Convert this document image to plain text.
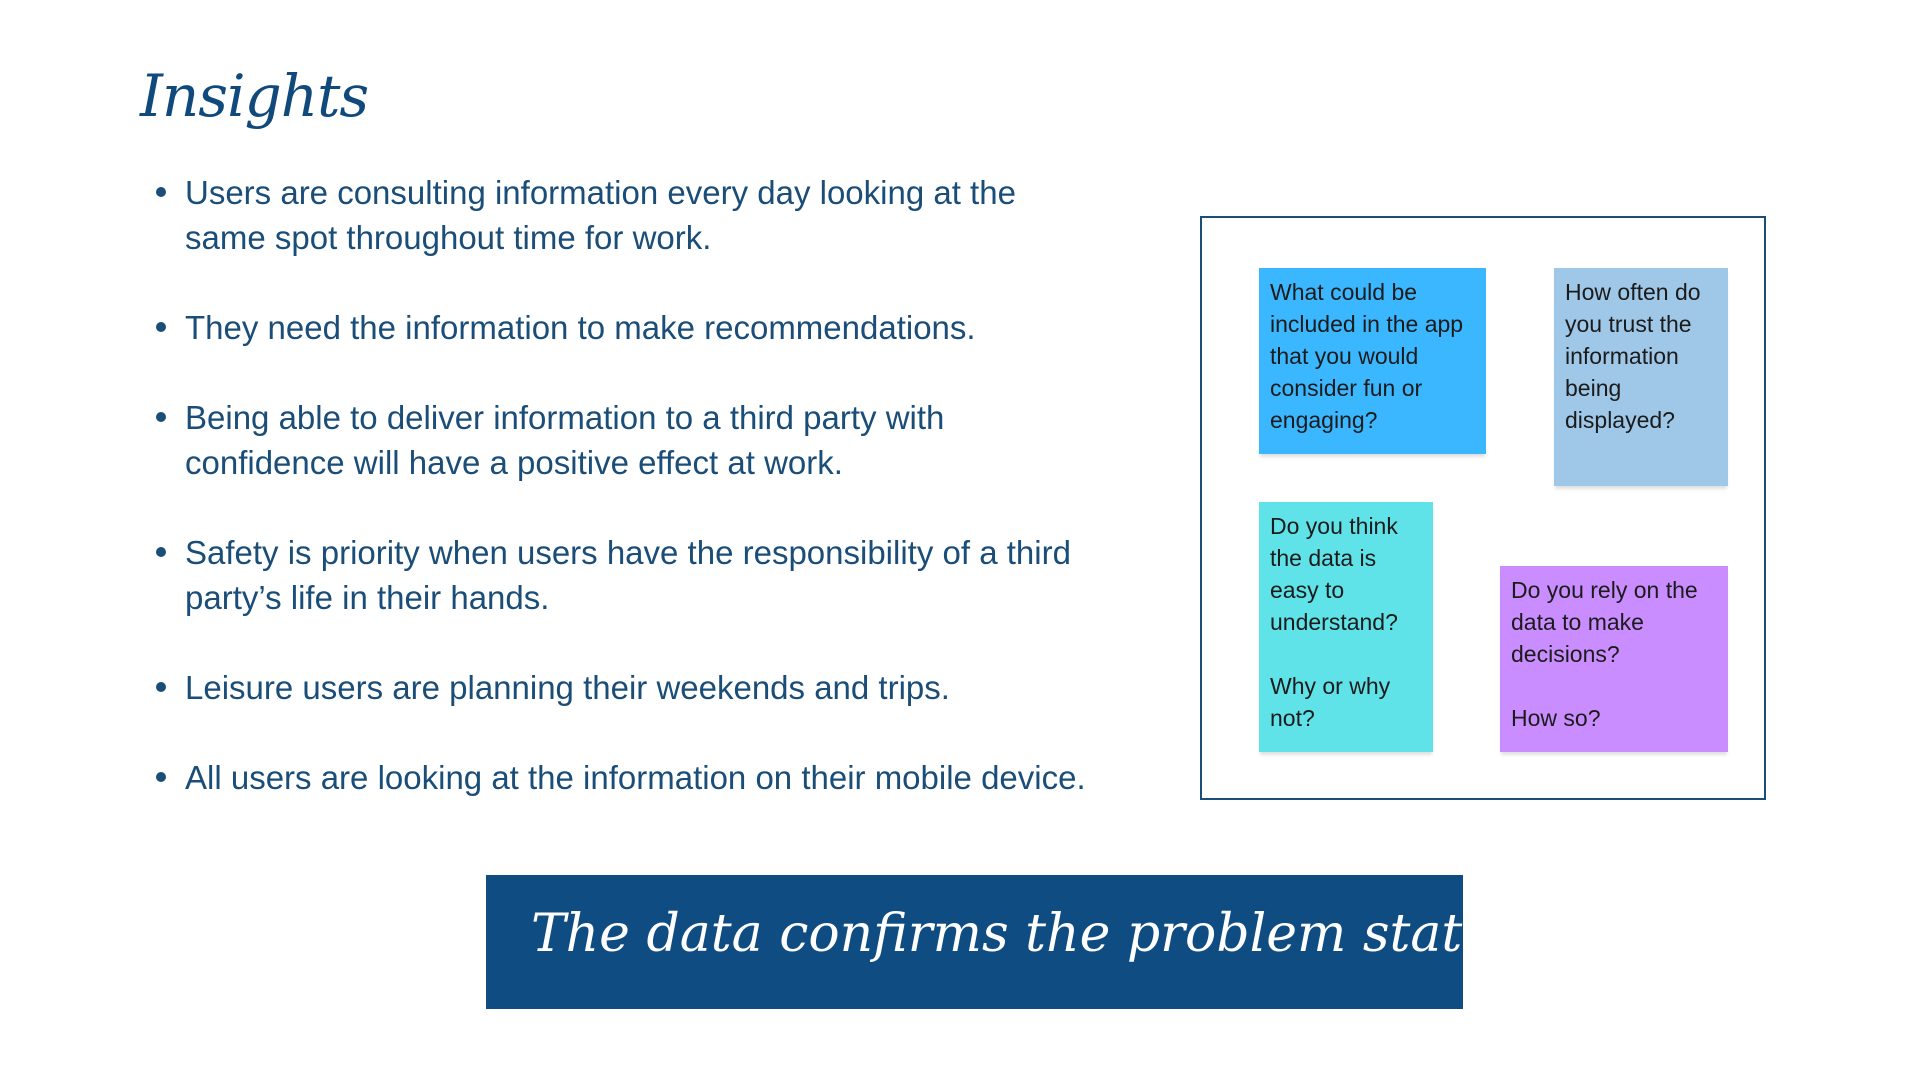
Insights
Users are consulting information every day looking at the same spot throughout time for work.
They need the information to make recommendations.
Being able to deliver information to a third party with confidence will have a positive effect at work.
Safety is priority when users have the responsibility of a third party’s life in their hands.
Leisure users are planning their weekends and trips.
All users are looking at the information on their mobile device.
What could be included in the app that you would consider fun or engaging?
How often do you trust the information being displayed?
Do you think the data is easy to understand?

Why or why not?
Do you rely on the data to make decisions?

How so?

The data confirms the problem statement
